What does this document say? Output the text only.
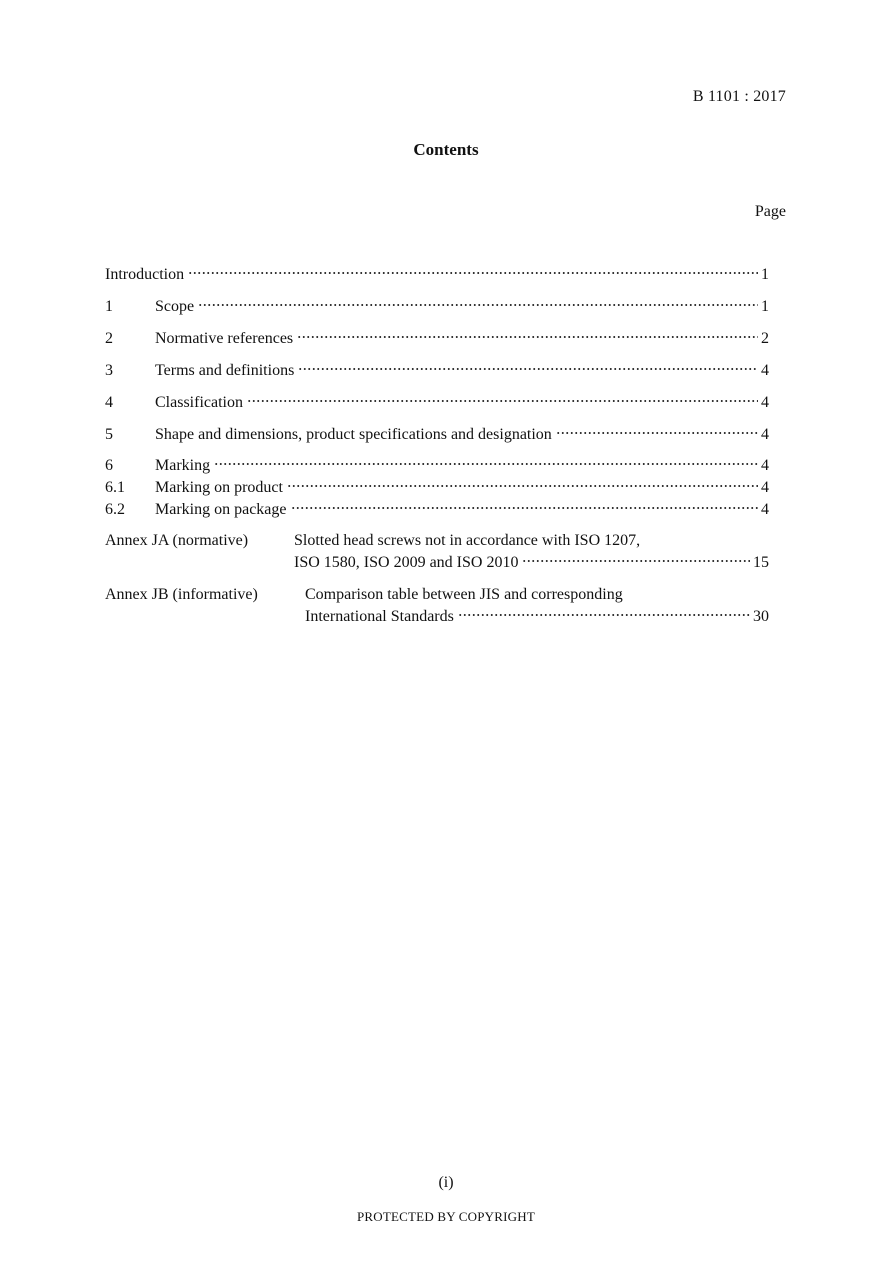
B 1101 : 2017
Contents
Page
Introduction	1
1	Scope	1
2	Normative references	2
3	Terms and definitions	4
4	Classification	4
5	Shape and dimensions, product specifications and designation	4
6	Marking	4
6.1	Marking on product	4
6.2	Marking on package	4
Annex JA (normative)	Slotted head screws not in accordance with ISO 1207,
ISO 1580, ISO 2009 and ISO 2010	15
Annex JB (informative)	Comparison table between JIS and corresponding
International Standards	30
(i)
PROTECTED BY COPYRIGHT
